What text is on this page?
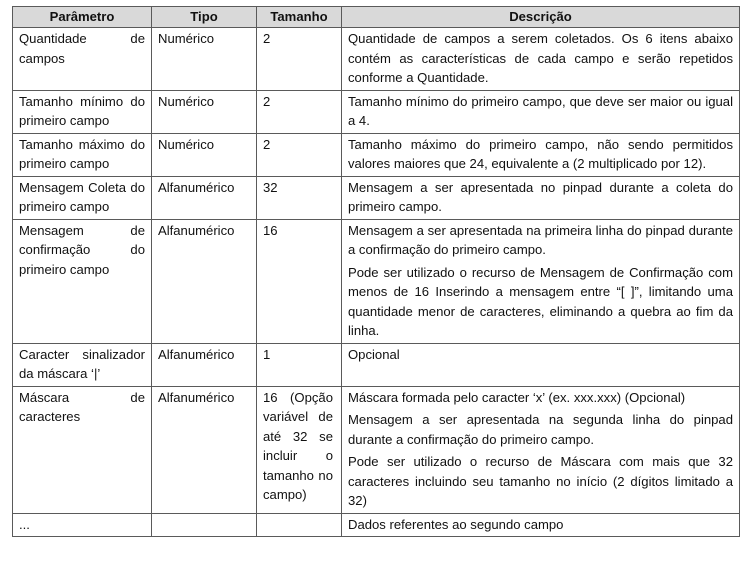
Parâmetro	Tipo	Tamanho	Descrição
Quantidade de campos	Numérico	2	Quantidade de campos a serem coletados. Os 6 itens abaixo contém as características de cada campo e serão repetidos conforme a Quantidade.

Tamanho mínimo do primeiro campo	Numérico	2	Tamanho mínimo do primeiro campo, que deve ser maior ou igual a 4.

Tamanho máximo do primeiro campo	Numérico	2	Tamanho máximo do primeiro campo, não sendo permitidos valores maiores que 24, equivalente a (2 multiplicado por 12).

Mensagem Coleta do primeiro campo	Alfanumérico	32	Mensagem a ser apresentada no pinpad durante a coleta do primeiro campo.

Mensagem de confirmação do primeiro campo	Alfanumérico	16	Mensagem a ser apresentada na primeira linha do pinpad durante a confirmação do primeiro campo.

Pode ser utilizado o recurso de Mensagem de Confirmação com menos de 16 Inserindo a mensagem entre “[ ]”, limitando uma quantidade menor de caracteres, eliminando a quebra ao fim da linha.

Caracter sinalizador da máscara ‘|’	Alfanumérico	1	Opcional

Máscara de caracteres	Alfanumérico	16 (Opção variável de até 32 se incluir o tamanho no campo)	Máscara formada pelo caracter ‘x’ (ex. xxx.xxx) (Opcional)

Mensagem a ser apresentada na segunda linha do pinpad durante a confirmação do primeiro campo.

Pode ser utilizado o recurso de Máscara com mais que 32 caracteres incluindo seu tamanho no início (2 dígitos limitado a 32)

...			Dados referentes ao segundo campo
